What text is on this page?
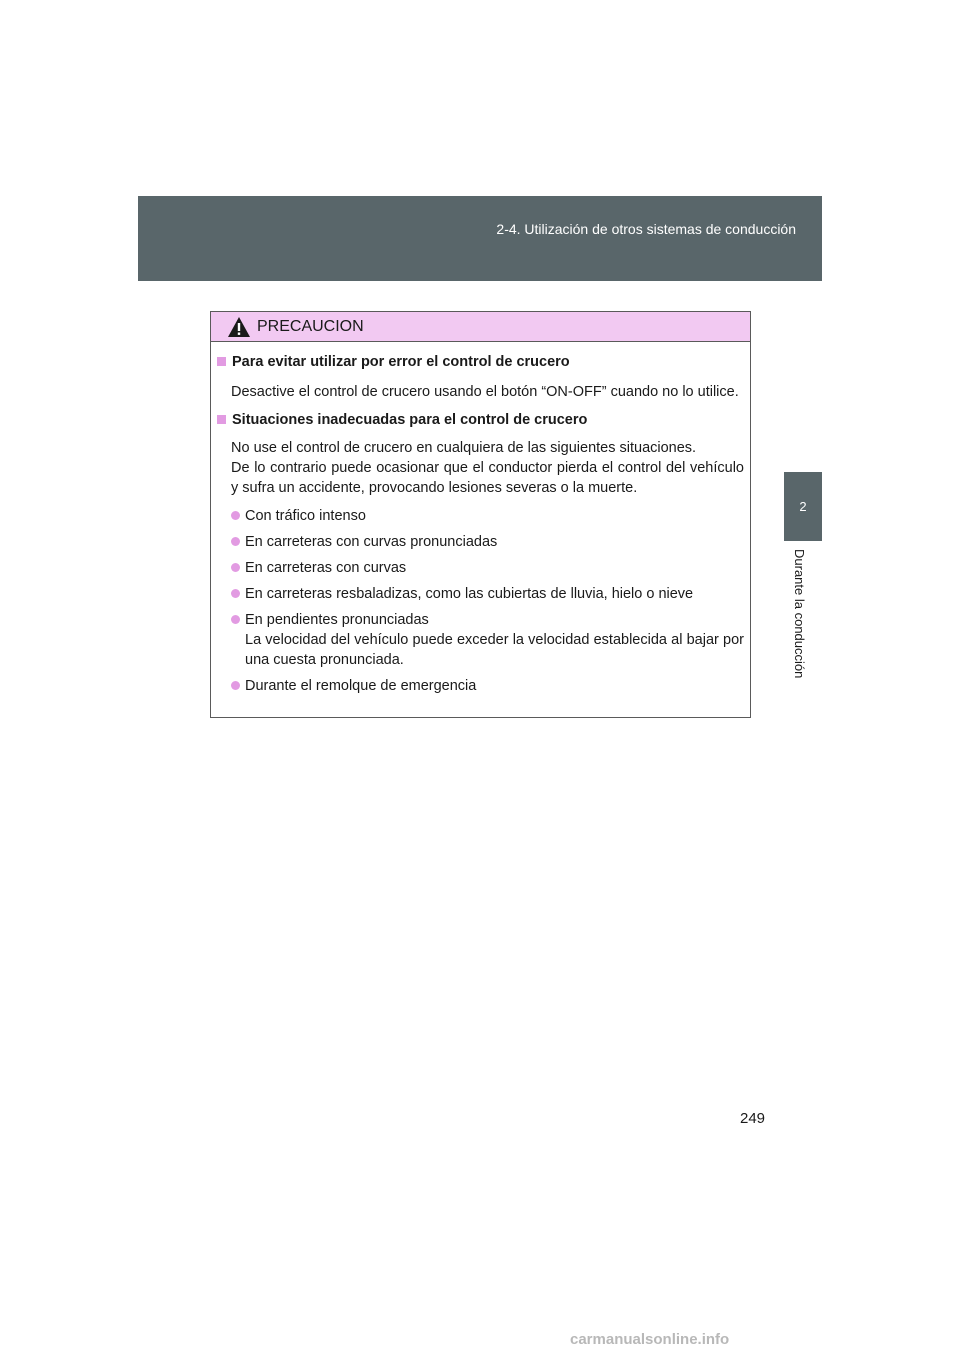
2-4. Utilización de otros sistemas de conducción
2
Durante la conducción
PRECAUCION
Para evitar utilizar por error el control de crucero
Desactive el control de crucero usando el botón “ON-OFF” cuando no lo utilice.
Situaciones inadecuadas para el control de crucero
No use el control de crucero en cualquiera de las siguientes situaciones.
De lo contrario puede ocasionar que el conductor pierda el control del vehículo y sufra un accidente, provocando lesiones severas o la muerte.
Con tráfico intenso
En carreteras con curvas pronunciadas
En carreteras con curvas
En carreteras resbaladizas, como las cubiertas de lluvia, hielo o nieve
En pendientes pronunciadas
La velocidad del vehículo puede exceder la velocidad establecida al bajar por una cuesta pronunciada.
Durante el remolque de emergencia
249
carmanualsonline.info
